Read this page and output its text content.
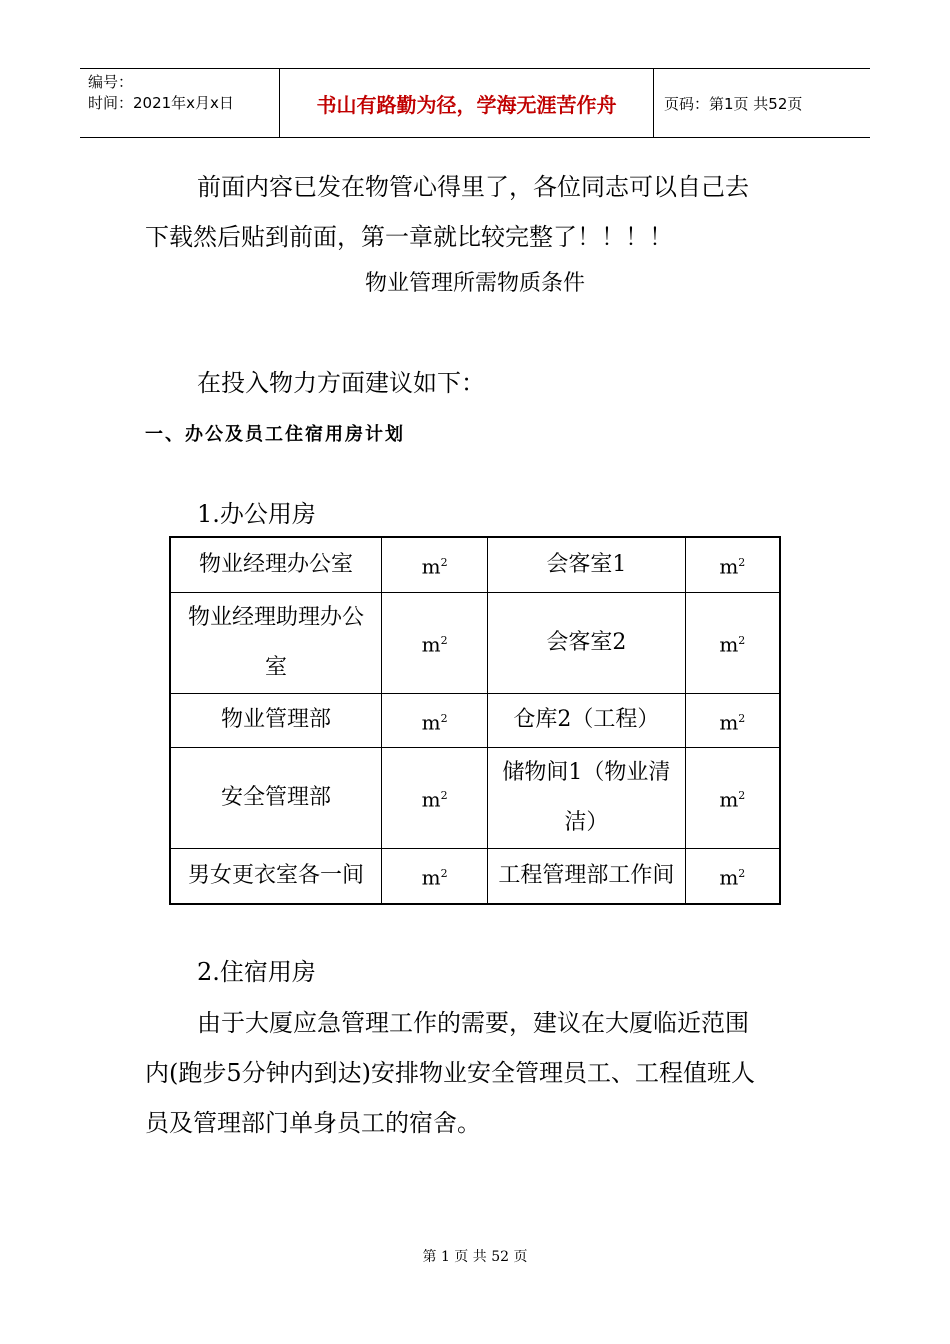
编号：
时间：2021年x月x日	书山有路勤为径，学海无涯苦作舟	页码：第1页 共52页

前面内容已发在物管心得里了，各位同志可以自己去

下载然后贴到前面，第一章就比较完整了！！！！

物业管理所需物质条件

在投入物力方面建议如下：

一、办公及员工住宿用房计划
1.办公用房
物业经理办公室	$m^2$	会客室1	$m^2$
物业经理助理办公室	$m^2$	会客室2	$m^2$
物业管理部	$m^2$	仓库2（工程）	$m^2$
安全管理部	$m^2$	储物间1（物业清洁）	$m^2$
男女更衣室各一间	$m^2$	工程管理部工作间	$m^2$
2.住宿用房

由于大厦应急管理工作的需要，建议在大厦临近范围

内(跑步5分钟内到达)安排物业安全管理员工、工程值班人

员及管理部门单身员工的宿舍。

第 1 页 共 52 页
